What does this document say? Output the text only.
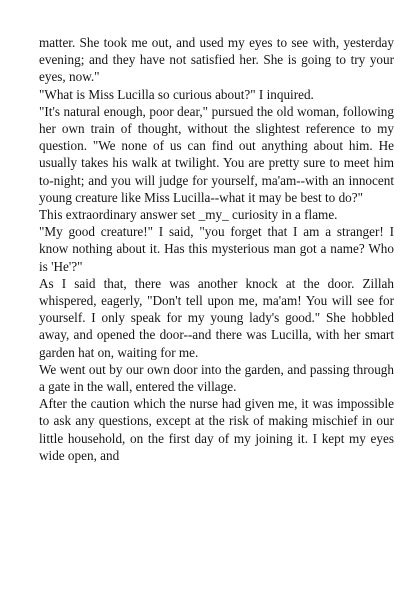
matter. She took me out, and used my eyes to see with, yesterday evening; and they have not satisfied her. She is going to try your eyes, now."

"What is Miss Lucilla so curious about?" I inquired.

"It's natural enough, poor dear," pursued the old woman, following her own train of thought, without the slightest reference to my question. "We none of us can find out anything about him. He usually takes his walk at twilight. You are pretty sure to meet him to-night; and you will judge for yourself, ma'am--with an innocent young creature like Miss Lucilla--what it may be best to do?"

This extraordinary answer set _my_ curiosity in a flame.

"My good creature!" I said, "you forget that I am a stranger! I know nothing about it. Has this mysterious man got a name? Who is 'He'?"

As I said that, there was another knock at the door. Zillah whispered, eagerly, "Don't tell upon me, ma'am! You will see for yourself. I only speak for my young lady's good." She hobbled away, and opened the door--and there was Lucilla, with her smart garden hat on, waiting for me.

We went out by our own door into the garden, and passing through a gate in the wall, entered the village.

After the caution which the nurse had given me, it was impossible to ask any questions, except at the risk of making mischief in our little household, on the first day of my joining it. I kept my eyes wide open, and
